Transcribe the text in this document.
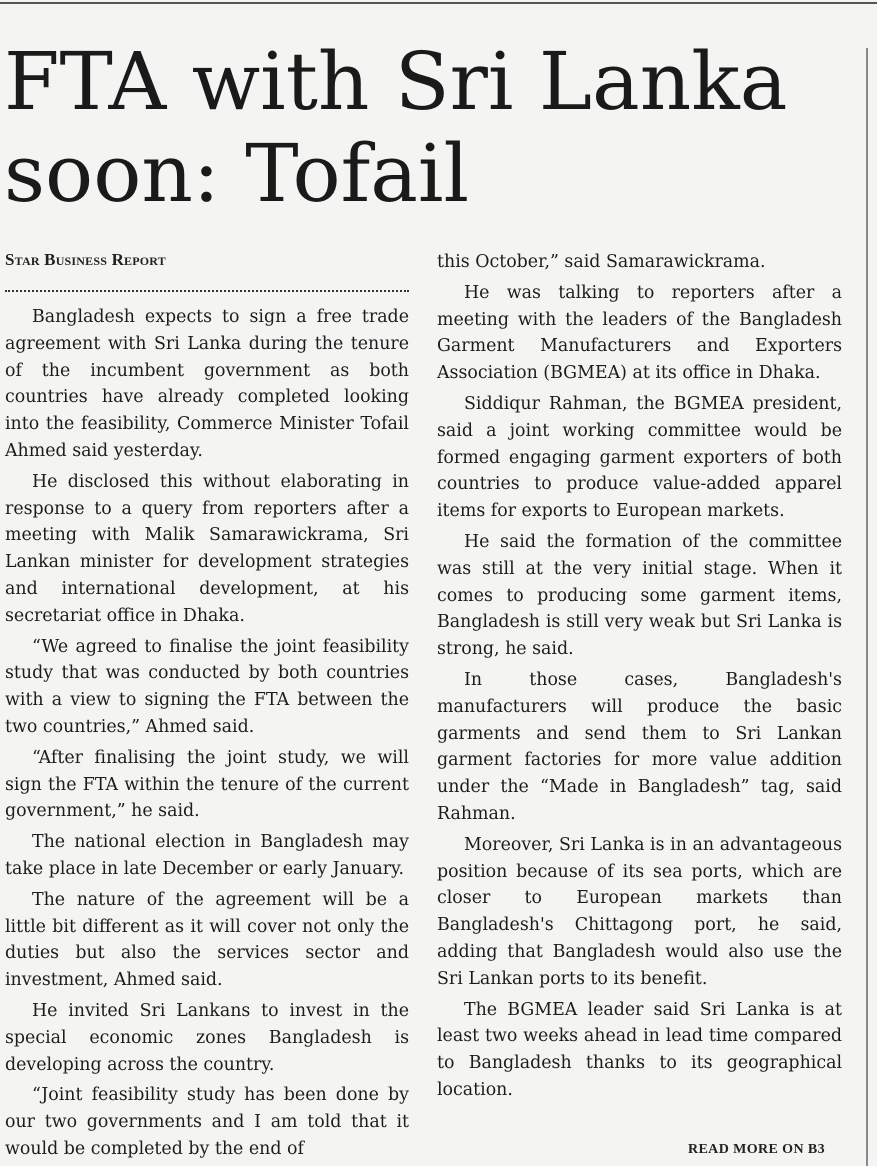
FTA with Sri Lanka
soon: Tofail
Star Business Report

Bangladesh expects to sign a free trade agreement with Sri Lanka during the tenure of the incumbent government as both countries have already completed looking into the feasibility, Commerce Minister Tofail Ahmed said yesterday.

He disclosed this without elaborating in response to a query from reporters after a meeting with Malik Samarawickrama, Sri Lankan minister for development strategies and international development, at his secretariat office in Dhaka.

“We agreed to finalise the joint feasibility study that was conducted by both countries with a view to signing the FTA between the two countries,” Ahmed said.

“After finalising the joint study, we will sign the FTA within the tenure of the current government,” he said.

The national election in Bangladesh may take place in late December or early January.

The nature of the agreement will be a little bit different as it will cover not only the duties but also the services sector and investment, Ahmed said.

He invited Sri Lankans to invest in the special economic zones Bangladesh is developing across the country.

“Joint feasibility study has been done by our two governments and I am told that it would be completed by the end of

this October,” said Samarawickrama.

He was talking to reporters after a meeting with the leaders of the Bangladesh Garment Manufacturers and Exporters Association (BGMEA) at its office in Dhaka.

Siddiqur Rahman, the BGMEA president, said a joint working committee would be formed engaging garment exporters of both countries to produce value-added apparel items for exports to European markets.

He said the formation of the committee was still at the very initial stage. When it comes to producing some garment items, Bangladesh is still very weak but Sri Lanka is strong, he said.

In those cases, Bangladesh's manufacturers will produce the basic garments and send them to Sri Lankan garment factories for more value addition under the “Made in Bangladesh” tag, said Rahman.

Moreover, Sri Lanka is in an advantageous position because of its sea ports, which are closer to European markets than Bangladesh's Chittagong port, he said, adding that Bangladesh would also use the Sri Lankan ports to its benefit.

The BGMEA leader said Sri Lanka is at least two weeks ahead in lead time compared to Bangladesh thanks to its geographical location.

READ MORE ON B3
